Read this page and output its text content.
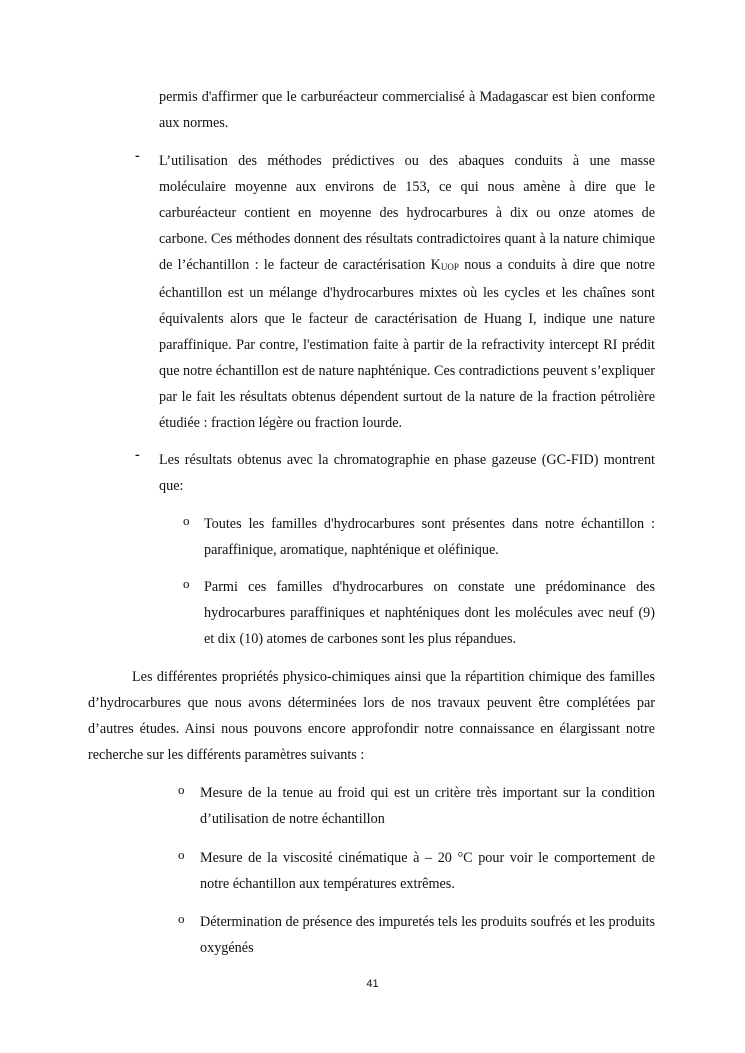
permis d'affirmer que le carburéacteur commercialisé à Madagascar est bien conforme aux normes.

- L’utilisation des méthodes prédictives ou des abaques conduits à une masse moléculaire moyenne aux environs de 153, ce qui nous amène à dire que le carburéacteur contient en moyenne des hydrocarbures à dix ou onze atomes de carbone. Ces méthodes donnent des résultats contradictoires quant à la nature chimique de l’échantillon : le facteur de caractérisation $K_{UOP}$ nous a conduits à dire que notre échantillon est un mélange d'hydrocarbures mixtes où les cycles et les chaînes sont équivalents alors que le facteur de caractérisation de Huang I, indique une nature paraffinique. Par contre, l'estimation faite à partir de la refractivity intercept RI prédit que notre échantillon est de nature naphténique. Ces contradictions peuvent s’expliquer par le fait les résultats obtenus dépendent surtout de la nature de la fraction pétrolière étudiée : fraction légère ou fraction lourde.

- Les résultats obtenus avec la chromatographie en phase gazeuse (GC-FID) montrent que:

o Toutes les familles d'hydrocarbures sont présentes dans notre échantillon : paraffinique, aromatique, naphténique et oléfinique.

o Parmi ces familles d'hydrocarbures on constate une prédominance des hydrocarbures paraffiniques et naphténiques dont les molécules avec neuf (9) et dix (10) atomes de carbones sont les plus répandues.

Les différentes propriétés physico-chimiques ainsi que la répartition chimique des familles d’hydrocarbures que nous avons déterminées lors de nos travaux peuvent être complétées par d’autres études. Ainsi nous pouvons encore approfondir notre connaissance en élargissant notre recherche sur les différents paramètres suivants :

o Mesure de la tenue au froid qui est un critère très important sur la condition d’utilisation de notre échantillon

o Mesure de la viscosité cinématique à – 20 °C pour voir le comportement de notre échantillon aux températures extrêmes.

o Détermination de présence des impuretés tels les produits soufrés et les produits oxygénés

41
